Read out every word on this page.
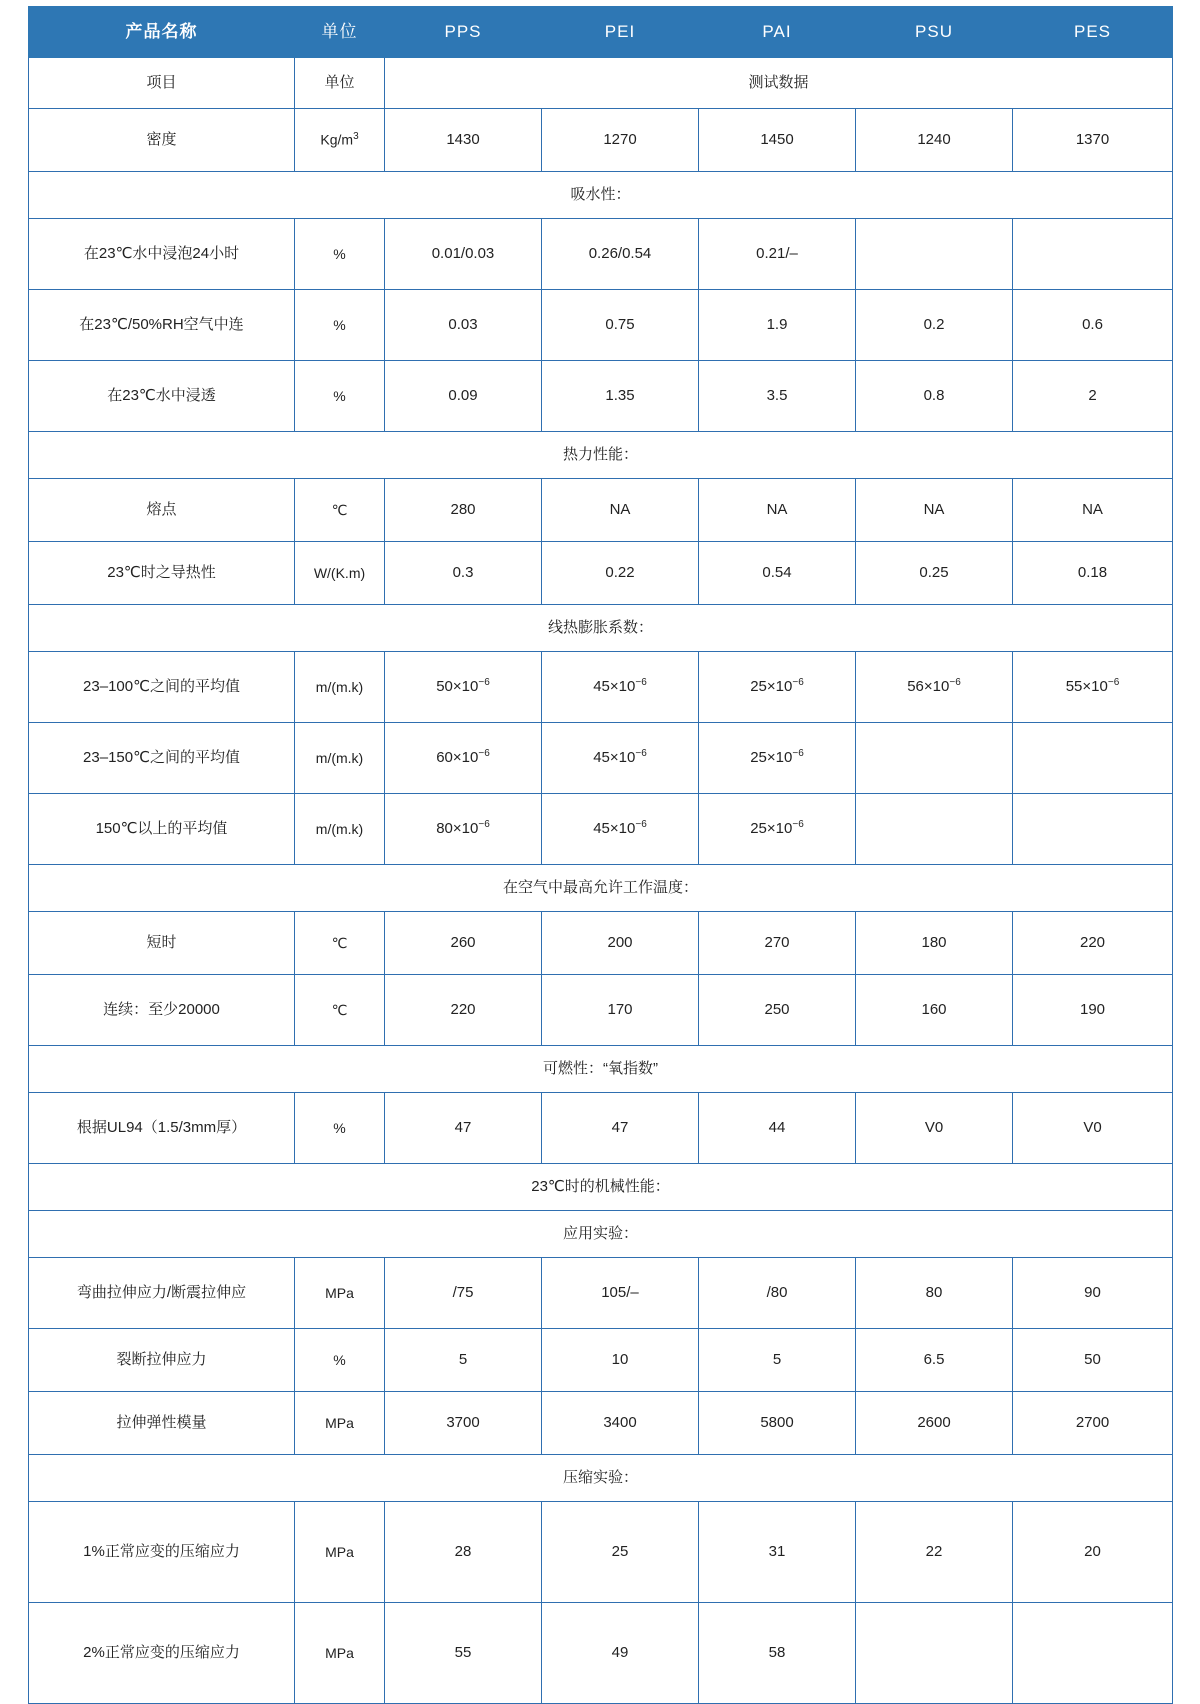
产品名称	单位	PPS	PEI	PAI	PSU	PES
项目	单位	测试数据				
密度	$Kg/m^3$	1430	1270	1450	1240	1370
吸水性：						
在23℃水中浸泡24小时	%	0.01/0.03	0.26/0.54	0.21/–		
在23℃/50%RH空气中连	%	0.03	0.75	1.9	0.2	0.6
在23℃水中浸透	%	0.09	1.35	3.5	0.8	2
热力性能：						
熔点	℃	280	NA	NA	NA	NA
23℃时之导热性	W/(K.m)	0.3	0.22	0.54	0.25	0.18
线热膨胀系数：						
23–100℃之间的平均值	m/(m.k)	$50\times 10^{-6}$	$45\times 10^{-6}$	$25\times 10^{-6}$	$56\times 10^{-6}$	$55\times 10^{-6}$
23–150℃之间的平均值	m/(m.k)	$60\times 10^{-6}$	$45\times 10^{-6}$	$25\times 10^{-6}$		
150℃以上的平均值	m/(m.k)	$80\times 10^{-6}$	$45\times 10^{-6}$	$25\times 10^{-6}$		
在空气中最高允许工作温度：						
短时	℃	260	200	270	180	220
连续：至少20000	℃	220	170	250	160	190
可燃性：“氧指数”						
根据UL94（1.5/3mm厚）	%	47	47	44	V0	V0
23℃时的机械性能：						
应用实验：						
弯曲拉伸应力/断震拉伸应	MPa	/75	105/–	/80	80	90
裂断拉伸应力	%	5	10	5	6.5	50
拉伸弹性模量	MPa	3700	3400	5800	2600	2700
压缩实验：						
1%正常应变的压缩应力	MPa	28	25	31	22	20
2%正常应变的压缩应力	MPa	55	49	58		
